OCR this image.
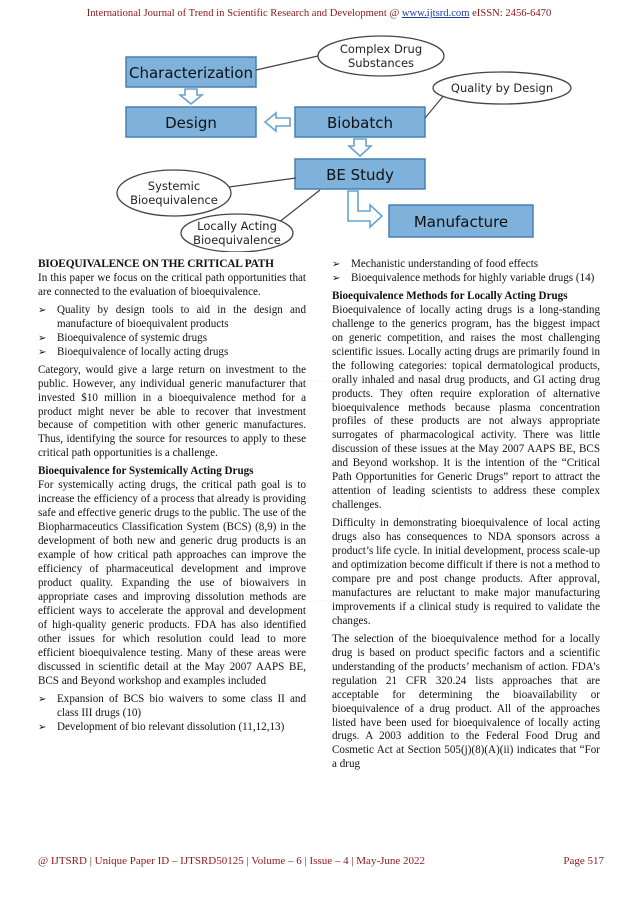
International Journal of Trend in Scientific Research and Development @ www.ijtsrd.com eISSN: 2456-6470
Characterization
Design	Biobatch
BE Study
Manufacture
Complex Drug
Substances
Quality by Design
Systemic
Bioequivalence
Locally Acting
Bioequivalence
BIOEQUIVALENCE ON THE CRITICAL PATH

In this paper we focus on the critical path opportunities that are connected to the evaluation of bioequivalence.

➢ Quality by design tools to aid in the design and manufacture of bioequivalent products
➢ Bioequivalence of systemic drugs
➢ Bioequivalence of locally acting drugs

Category, would give a large return on investment to the public. However, any individual generic manufacturer that invested $10 million in a bioequivalence method for a product might never be able to recover that investment because of competition with other generic manufactures. Thus, identifying the source for resources to apply to these critical path opportunities is a challenge.

Bioequivalence for Systemically Acting Drugs

For systemically acting drugs, the critical path goal is to increase the efficiency of a process that already is providing safe and effective generic drugs to the public. The use of the Biopharmaceutics Classification System (BCS) (8,9) in the development of both new and generic drug products is an example of how critical path approaches can improve the efficiency of pharmaceutical development and improve product quality. Expanding the use of biowaivers in appropriate cases and improving dissolution methods are efficient ways to accelerate the approval and development of high-quality generic products. FDA has also identified other issues for which resolution could lead to more efficient bioequivalence testing. Many of these areas were discussed in scientific detail at the May 2007 AAPS BE, BCS and Beyond workshop and examples included

➢ Expansion of BCS bio waivers to some class II and class III drugs (10)
➢ Development of bio relevant dissolution (11,12,13)
➢ Mechanistic understanding of food effects
➢ Bioequivalence methods for highly variable drugs (14)
Bioequivalence Methods for Locally Acting Drugs

Bioequivalence of locally acting drugs is a long-standing challenge to the generics program, has the biggest impact on generic competition, and raises the most challenging scientific issues. Locally acting drugs are primarily found in the following categories: topical dermatological products, orally inhaled and nasal drug products, and GI acting drug products. They often require exploration of alternative bioequivalence methods because plasma concentration profiles of these products are not always appropriate surrogates of pharmacological activity. There was little discussion of these issues at the May 2007 AAPS BE, BCS and Beyond workshop. It is the intention of the “Critical Path Opportunities for Generic Drugs” report to attract the attention of leading scientists to address these complex challenges.

Difficulty in demonstrating bioequivalence of local acting drugs also has consequences to NDA sponsors across a product’s life cycle. In initial development, process scale-up and optimization become difficult if there is not a method to compare pre and post change products. After approval, manufactures are reluctant to make major manufacturing improvements if a clinical study is required to validate the changes.

The selection of the bioequivalence method for a locally drug is based on product specific factors and a scientific understanding of the products’ mechanism of action. FDA’s regulation 21 CFR 320.24 lists approaches that are acceptable for determining the bioavailability or bioequivalence of a drug product. All of the approaches listed have been used for bioequivalence of locally acting drugs. A 2003 addition to the Federal Food Drug and Cosmetic Act at Section 505(j)(8)(A)(ii) indicates that “For a drug

@ IJTSRD | Unique Paper ID – IJTSRD50125 | Volume – 6 | Issue – 4 | May-June 2022	Page 517
